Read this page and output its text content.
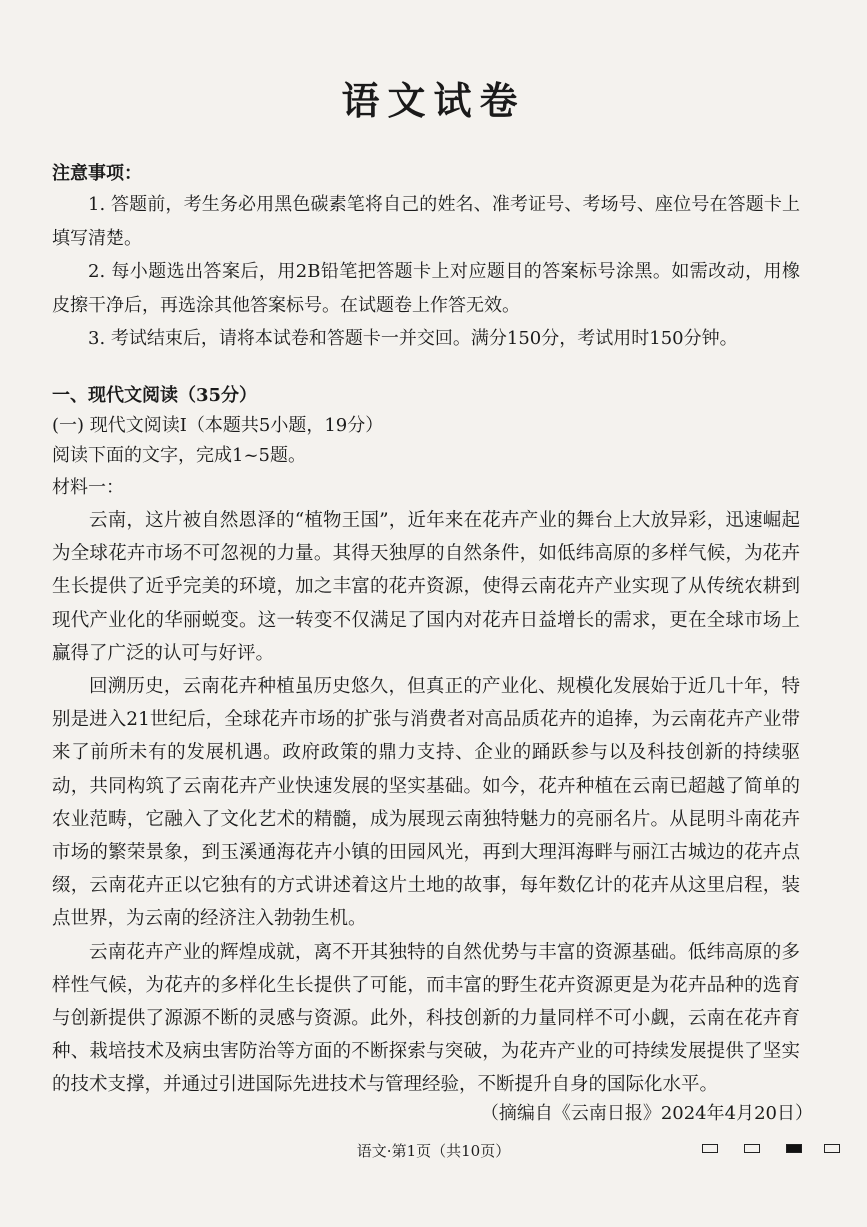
语文试卷
注意事项：

1. 答题前，考生务必用黑色碳素笔将自己的姓名、准考证号、考场号、座位号在答题卡上填写清楚。

2. 每小题选出答案后，用2B铅笔把答题卡上对应题目的答案标号涂黑。如需改动，用橡皮擦干净后，再选涂其他答案标号。在试题卷上作答无效。

3. 考试结束后，请将本试卷和答题卡一并交回。满分150分，考试用时150分钟。

一、现代文阅读（35分）
(一) 现代文阅读Ⅰ（本题共5小题，19分）
阅读下面的文字，完成1~5题。
材料一：

云南，这片被自然恩泽的“植物王国”，近年来在花卉产业的舞台上大放异彩，迅速崛起为全球花卉市场不可忽视的力量。其得天独厚的自然条件，如低纬高原的多样气候，为花卉生长提供了近乎完美的环境，加之丰富的花卉资源，使得云南花卉产业实现了从传统农耕到现代产业化的华丽蜕变。这一转变不仅满足了国内对花卉日益增长的需求，更在全球市场上赢得了广泛的认可与好评。

回溯历史，云南花卉种植虽历史悠久，但真正的产业化、规模化发展始于近几十年，特别是进入21世纪后，全球花卉市场的扩张与消费者对高品质花卉的追捧，为云南花卉产业带来了前所未有的发展机遇。政府政策的鼎力支持、企业的踊跃参与以及科技创新的持续驱动，共同构筑了云南花卉产业快速发展的坚实基础。如今，花卉种植在云南已超越了简单的农业范畴，它融入了文化艺术的精髓，成为展现云南独特魅力的亮丽名片。从昆明斗南花卉市场的繁荣景象，到玉溪通海花卉小镇的田园风光，再到大理洱海畔与丽江古城边的花卉点缀，云南花卉正以它独有的方式讲述着这片土地的故事，每年数亿计的花卉从这里启程，装点世界，为云南的经济注入勃勃生机。

云南花卉产业的辉煌成就，离不开其独特的自然优势与丰富的资源基础。低纬高原的多样性气候，为花卉的多样化生长提供了可能，而丰富的野生花卉资源更是为花卉品种的选育与创新提供了源源不断的灵感与资源。此外，科技创新的力量同样不可小觑，云南在花卉育种、栽培技术及病虫害防治等方面的不断探索与突破，为花卉产业的可持续发展提供了坚实的技术支撑，并通过引进国际先进技术与管理经验，不断提升自身的国际化水平。

（摘编自《云南日报》2024年4月20日）
语文·第1页（共10页）
